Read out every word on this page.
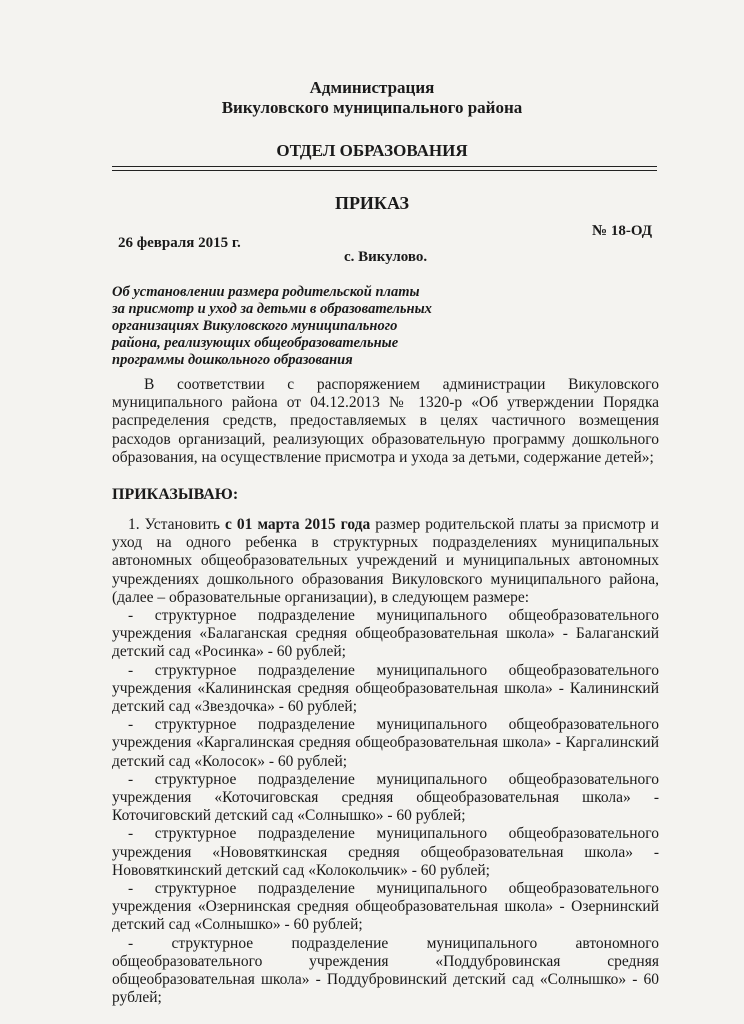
Администрация
Викуловского муниципального района
ОТДЕЛ ОБРАЗОВАНИЯ
ПРИКАЗ
26 февраля 2015 г.
№ 18-ОД
с. Викулово.
Об установлении размера родительской платы за присмотр и уход за детьми в образовательных организациях Викуловского муниципального района, реализующих общеобразовательные программы дошкольного образования
В соответствии с распоряжением администрации Викуловского муниципального района от 04.12.2013 № 1320-р «Об утверждении Порядка распределения средств, предоставляемых в целях частичного возмещения расходов организаций, реализующих образовательную программу дошкольного образования, на осуществление присмотра и ухода за детьми, содержание детей»;
ПРИКАЗЫВАЮ:

1. Установить с 01 марта 2015 года размер родительской платы за присмотр и уход на одного ребенка в структурных подразделениях муниципальных автономных общеобразовательных учреждений и муниципальных автономных учреждениях дошкольного образования Викуловского муниципального района, (далее – образовательные организации), в следующем размере:

- структурное подразделение муниципального общеобразовательного учреждения «Балаганская средняя общеобразовательная школа» - Балаганский детский сад «Росинка» - 60 рублей;

- структурное подразделение муниципального общеобразовательного учреждения «Калининская средняя общеобразовательная школа» - Калининский детский сад «Звездочка» - 60 рублей;

- структурное подразделение муниципального общеобразовательного учреждения «Каргалинская средняя общеобразовательная школа» - Каргалинский детский сад «Колосок» - 60 рублей;

- структурное подразделение муниципального общеобразовательного учреждения «Коточиговская средняя общеобразовательная школа» - Коточиговский детский сад «Солнышко» - 60 рублей;

- структурное подразделение муниципального общеобразовательного учреждения «Нововяткинская средняя общеобразовательная школа» - Нововяткинский детский сад «Колокольчик» - 60 рублей;

- структурное подразделение муниципального общеобразовательного учреждения «Озернинская средняя общеобразовательная школа» - Озернинский детский сад «Солнышко» - 60 рублей;

- структурное подразделение муниципального автономного общеобразовательного учреждения «Поддубровинская средняя общеобразовательная школа» - Поддубровинский детский сад «Солнышко» - 60 рублей;
